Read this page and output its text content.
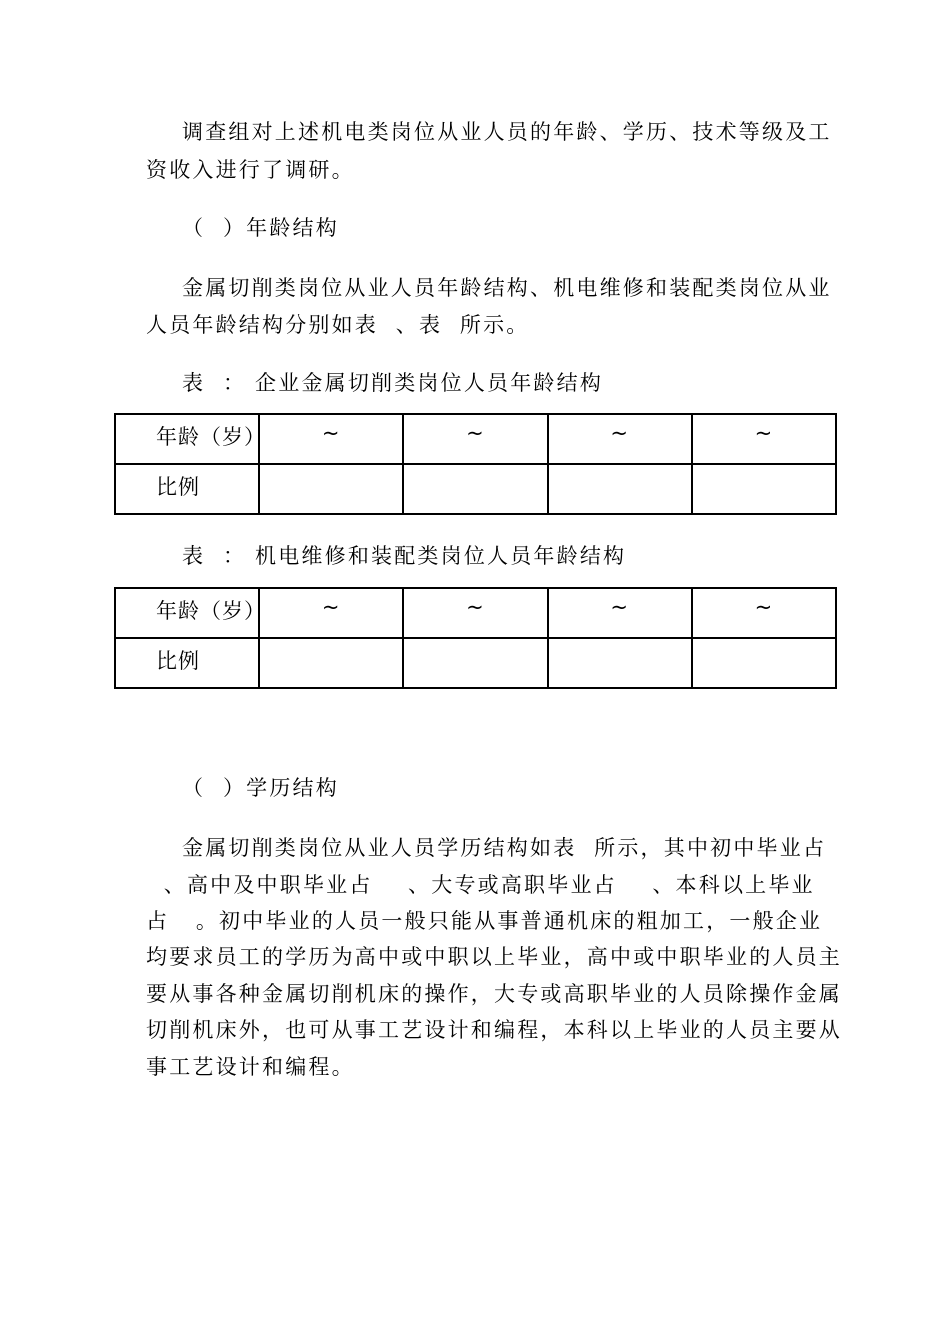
调查组对上述机电类岗位从业人员的年龄、学历、技术等级及工
资收入进行了调研。
（  ）年龄结构
金属切削类岗位从业人员年龄结构、机电维修和装配类岗位从业
人员年龄结构分别如表  、表  所示。
表  ： 企业金属切削类岗位人员年龄结构
年龄（岁）	~	~	~	~

比例				

表  ： 机电维修和装配类岗位人员年龄结构
年龄（岁）	~	~	~	~

比例				

（  ）学历结构
金属切削类岗位从业人员学历结构如表  所示，其中初中毕业占
、高中及中职毕业占    、大专或高职毕业占    、本科以上毕业
占   。初中毕业的人员一般只能从事普通机床的粗加工，一般企业
均要求员工的学历为高中或中职以上毕业，高中或中职毕业的人员主
要从事各种金属切削机床的操作，大专或高职毕业的人员除操作金属
切削机床外，也可从事工艺设计和编程，本科以上毕业的人员主要从
事工艺设计和编程。
